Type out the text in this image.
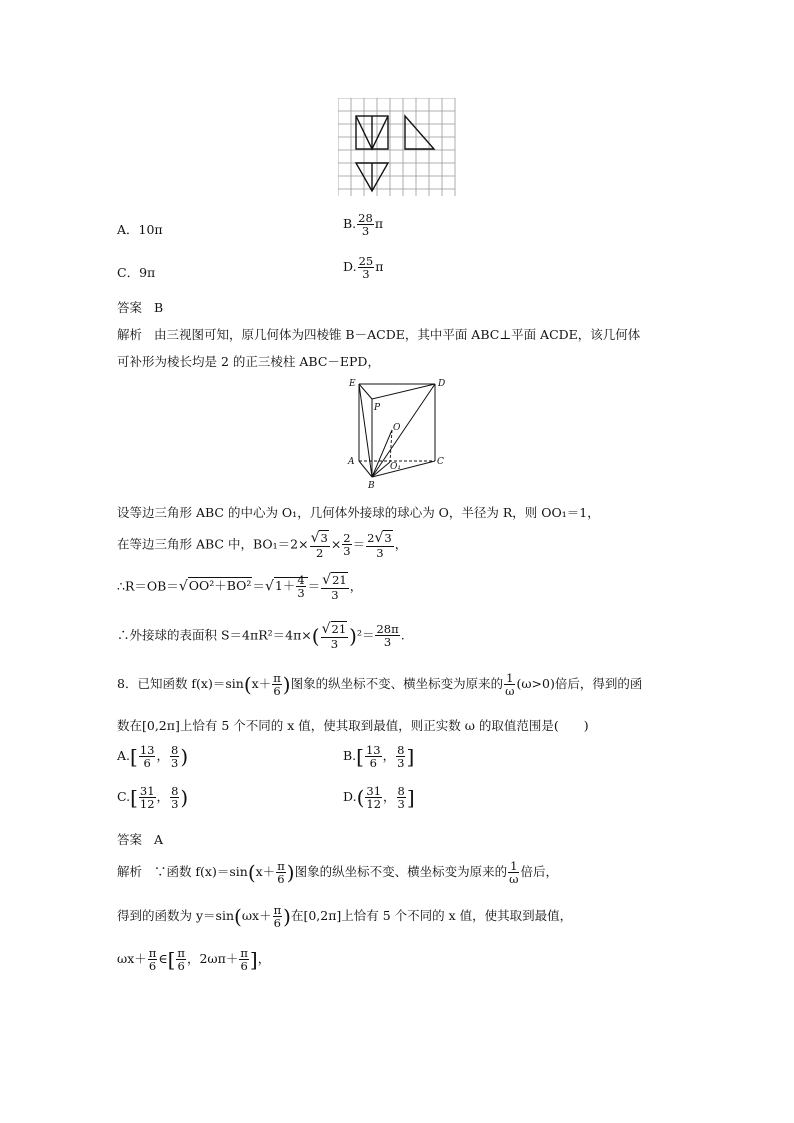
A．10π	B. $\frac{28}{3}$ π
C．9π	D. $\frac{25}{3}$ π
答案 B
解析 由三视图可知，原几何体为四棱锥 B－ACDE，其中平面 ABC⊥平面 ACDE，该几何体
可补形为棱长均是 2 的正三棱柱 ABC－EPD，
E	D
P
O
A	C
O₁
B
设等边三角形 ABC 的中心为 O₁，几何体外接球的球心为 O，半径为 R，则 OO₁＝1，
在等边三角形 ABC 中，$BO_1=2\times \frac{√3}{2} \times \frac{2}{3} = \frac{2√3}{3}$ ，
∴R＝OB＝√OO²＋BO²＝√1＋ $\frac{4}{3} = \frac{√21}{3}$ ，
∴外接球的表面积 $S=4\pi R^2=4\pi\times( \frac{√21}{3} )^2= \frac{28\pi}{3}$ .
8．已知函数 $f(x)=\sin(x+ \frac{\pi}{6}$ )图象的纵坐标不变、横坐标变为原来的 $\frac{1}{\omega} (\omega>0)$倍后，得到的函
数在[0,2π]上恰有 5 个不同的 x 值，使其取到最值，则正实数 ω 的取值范围是(　　)
$A.[ \frac{13}{6}$ ， $\frac{8}{3}$ )	$B.[ \frac{13}{6}$ ， $\frac{8}{3}$ ]
$C.[ \frac{31}{12}$ ， $\frac{8}{3}$ )	$D.( \frac{31}{12}$ ， $\frac{8}{3}$ ]
答案 A
解析 ∵函数 $f(x)=\sin(x+ \frac{\pi}{6}$ )图象的纵坐标不变、横坐标变为原来的 $\frac{1}{\omega}$ 倍后，
得到的函数为 $y=\sin(\omega x+ \frac{\pi}{6}$ )在[0,2π]上恰有 5 个不同的 x 值，使其取到最值，
$\omega x+ \frac{\pi}{6}$ ∈[ $\frac{\pi}{6}$ ，$2\omega\pi+ \frac{\pi}{6}$ ]，
